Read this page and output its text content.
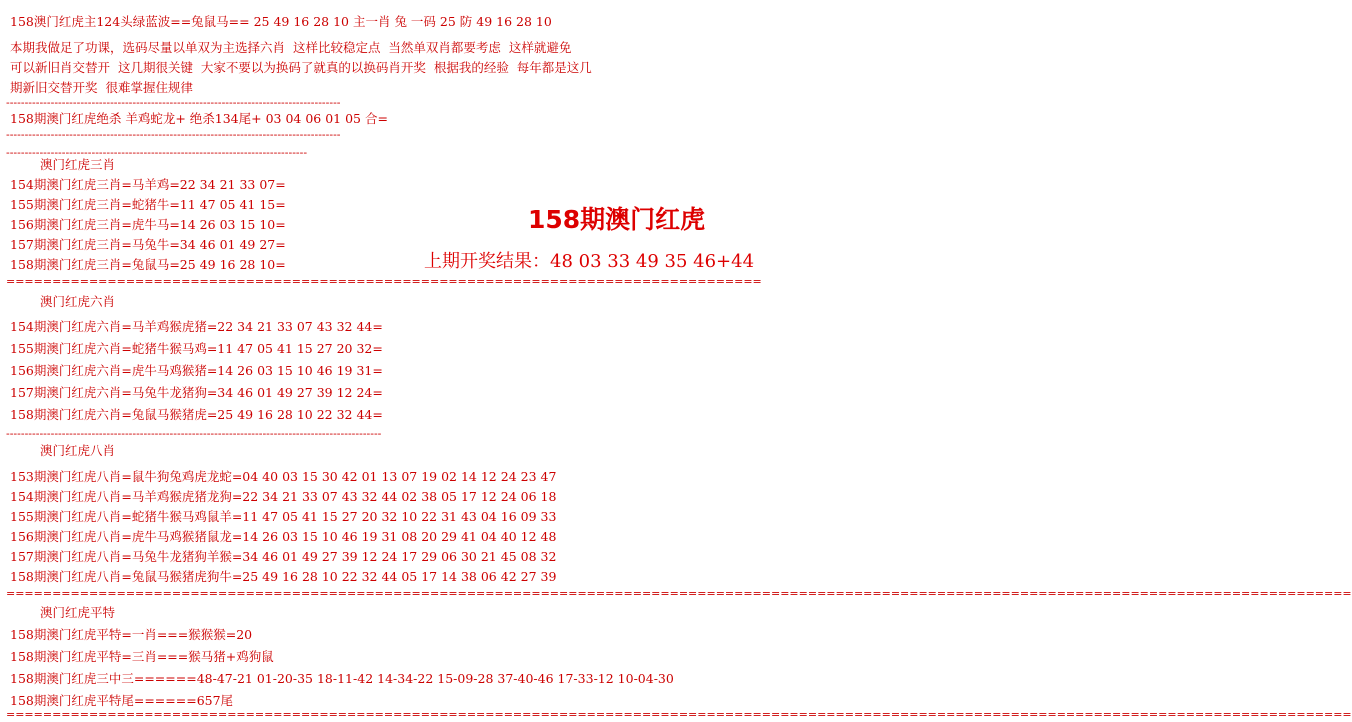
158澳门红虎主124头绿蓝波==兔鼠马== 25 49 16 28 10 主一肖 兔 一码 25 防 49 16 28 10
本期我做足了功课，选码尽量以单双为主选择六肖  这样比较稳定点  当然单双肖都要考虑  这样就避免
可以新旧肖交替开  这几期很关键  大家不要以为换码了就真的以换码肖开奖  根据我的经验  每年都是这几
期新旧交替开奖  很难掌握住规律
------------------------------------------------------------------------------------------
158期澳门红虎绝杀 羊鸡蛇龙+ 绝杀134尾+ 03 04 06 01 05 合=
------------------------------------------------------------------------------------------
---------------------------------------------------------------------------------
澳门红虎三肖
154期澳门红虎三肖=马羊鸡=22 34 21 33 07=
155期澳门红虎三肖=蛇猪牛=11 47 05 41 15=
156期澳门红虎三肖=虎牛马=14 26 03 15 10=
157期澳门红虎三肖=马兔牛=34 46 01 49 27=
158期澳门红虎三肖=兔鼠马=25 49 16 28 10=
158期澳门红虎
上期开奖结果：48 03 33 49 35 46+44
==================================================================================
澳门红虎六肖
154期澳门红虎六肖=马羊鸡猴虎猪=22 34 21 33 07 43 32 44=
155期澳门红虎六肖=蛇猪牛猴马鸡=11 47 05 41 15 27 20 32=
156期澳门红虎六肖=虎牛马鸡猴猪=14 26 03 15 10 46 19 31=
157期澳门红虎六肖=马兔牛龙猪狗=34 46 01 49 27 39 12 24=
158期澳门红虎六肖=兔鼠马猴猪虎=25 49 16 28 10 22 32 44=
-----------------------------------------------------------------------------------------------------
澳门红虎八肖
153期澳门红虎八肖=鼠牛狗兔鸡虎龙蛇=04 40 03 15 30 42 01 13 07 19 02 14 12 24 23 47
154期澳门红虎八肖=马羊鸡猴虎猪龙狗=22 34 21 33 07 43 32 44 02 38 05 17 12 24 06 18
155期澳门红虎八肖=蛇猪牛猴马鸡鼠羊=11 47 05 41 15 27 20 32 10 22 31 43 04 16 09 33
156期澳门红虎八肖=虎牛马鸡猴猪鼠龙=14 26 03 15 10 46 19 31 08 20 29 41 04 40 12 48
157期澳门红虎八肖=马兔牛龙猪狗羊猴=34 46 01 49 27 39 12 24 17 29 06 30 21 45 08 32
158期澳门红虎八肖=兔鼠马猴猪虎狗牛=25 49 16 28 10 22 32 44 05 17 14 38 06 42 27 39
==================================================================================================================================================
澳门红虎平特
158期澳门红虎平特=一肖===猴猴猴=20
158期澳门红虎平特=三肖===猴马猪+鸡狗鼠
158期澳门红虎三中三======48-47-21 01-20-35 18-11-42 14-34-22 15-09-28 37-40-46 17-33-12 10-04-30
158期澳门红虎平特尾======657尾
==================================================================================================================================================
